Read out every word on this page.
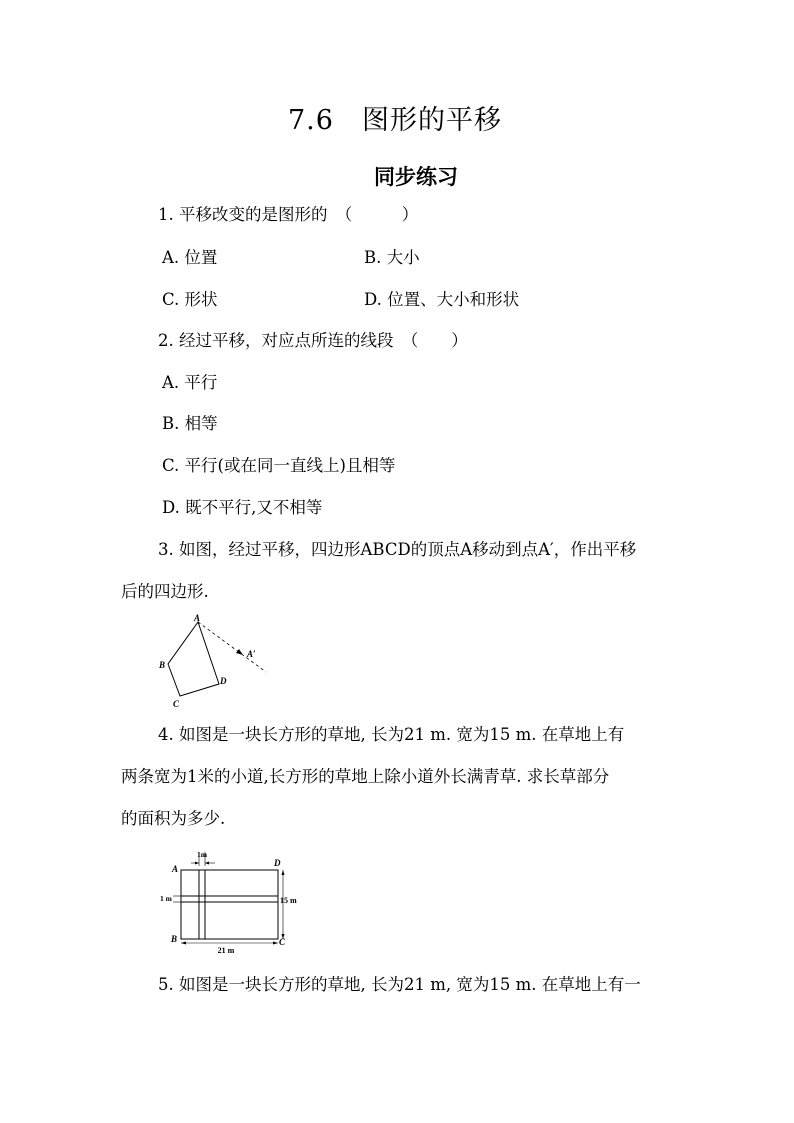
7.6　图形的平移
同步练习
1. 平移改变的是图形的　（　　　）
A. 位置	B. 大小
C. 形状	D. 位置、大小和形状
2. 经过平移，对应点所连的线段　（　　）
A. 平行
B. 相等
C. 平行(或在同一直线上)且相等
D. 既不平行,又不相等
3. 如图，经过平移，四边形ABCD的顶点A移动到点A′，作出平移
后的四边形.
A
A′
B
C
D
4. 如图是一块长方形的草地, 长为21 m. 宽为15 m. 在草地上有
两条宽为1米的小道,长方形的草地上除小道外长满青草. 求长草部分
的面积为多少.
1m
1 m	15 m
21 m
A
B	C
D
5. 如图是一块长方形的草地, 长为21 m, 宽为15 m. 在草地上有一
